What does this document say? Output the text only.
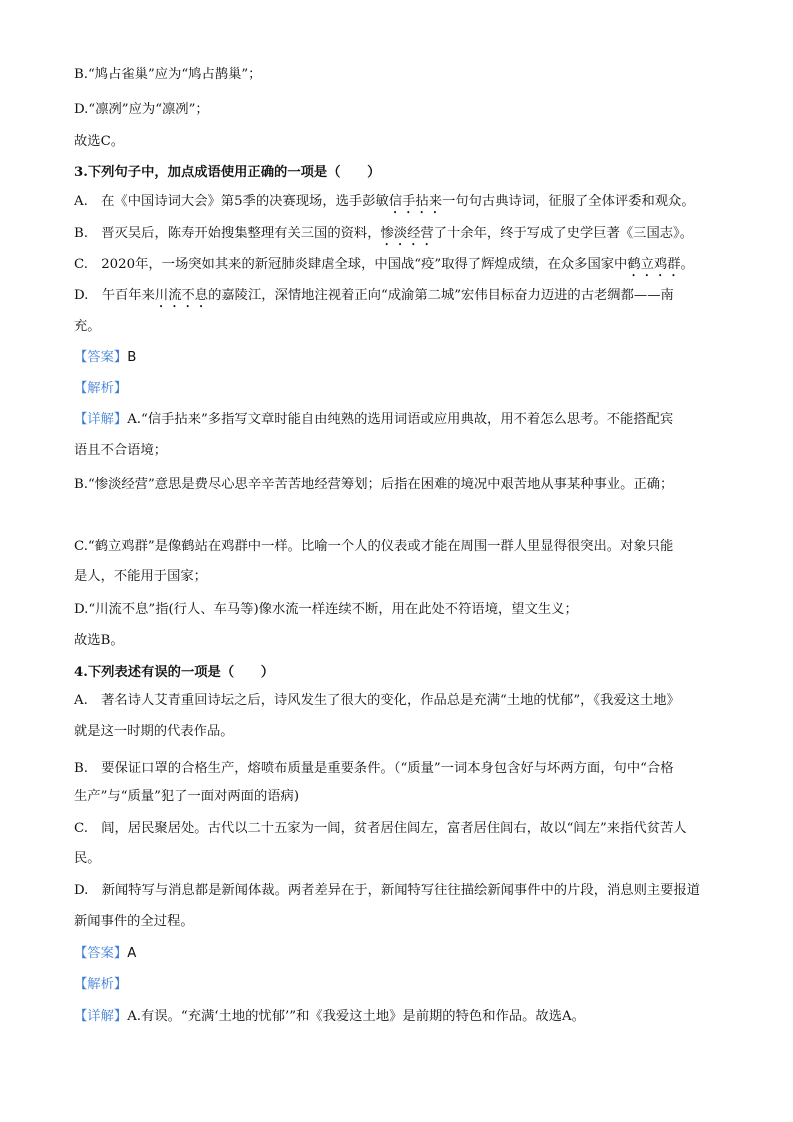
B.“鸠占雀巢”应为“鸠占鹊巢”；
D.“凛冽”应为“凛冽”；
故选C。
3.下列句子中，加点成语使用正确的一项是（　　）
A.　在《中国诗词大会》第5季的决赛现场，选手彭敏信手拈来一句句古典诗词，征服了全体评委和观众。
B.　晋灭吴后，陈寿开始搜集整理有关三国的资料，惨淡经营了十余年，终于写成了史学巨著《三国志》。
C.　2020年，一场突如其来的新冠肺炎肆虐全球，中国战“疫”取得了辉煌成绩，在众多国家中鹤立鸡群。
D.　午百年来川流不息的嘉陵江，深情地注视着正向“成渝第二城”宏伟目标奋力迈进的古老绸都——南
充。
【答案】B
【解析】
【详解】A.“信手拈来”多指写文章时能自由纯熟的选用词语或应用典故，用不着怎么思考。不能搭配宾
语且不合语境；
B.“惨淡经营”意思是费尽心思辛辛苦苦地经营筹划；后指在困难的境况中艰苦地从事某种事业。正确；
C.“鹤立鸡群”是像鹤站在鸡群中一样。比喻一个人的仪表或才能在周围一群人里显得很突出。对象只能
是人，不能用于国家；
D.“川流不息”指(行人、车马等)像水流一样连续不断，用在此处不符语境，望文生义；
故选B。
4.下列表述有误的一项是（　　）
A.　著名诗人艾青重回诗坛之后，诗风发生了很大的变化，作品总是充满“土地的忧郁”，《我爱这土地》
就是这一时期的代表作品。
B.　要保证口罩的合格生产，熔喷布质量是重要条件。（“质量”一词本身包含好与坏两方面，句中“合格
生产”与“质量”犯了一面对两面的语病)
C.　闾，居民聚居处。古代以二十五家为一闾，贫者居住闾左，富者居住闾右，故以“闾左”来指代贫苦人
民。
D.　新闻特写与消息都是新闻体裁。两者差异在于，新闻特写往往描绘新闻事件中的片段，消息则主要报道
新闻事件的全过程。
【答案】A
【解析】
【详解】A.有误。“充满‘土地的忧郁’”和《我爱这土地》是前期的特色和作品。故选A。
